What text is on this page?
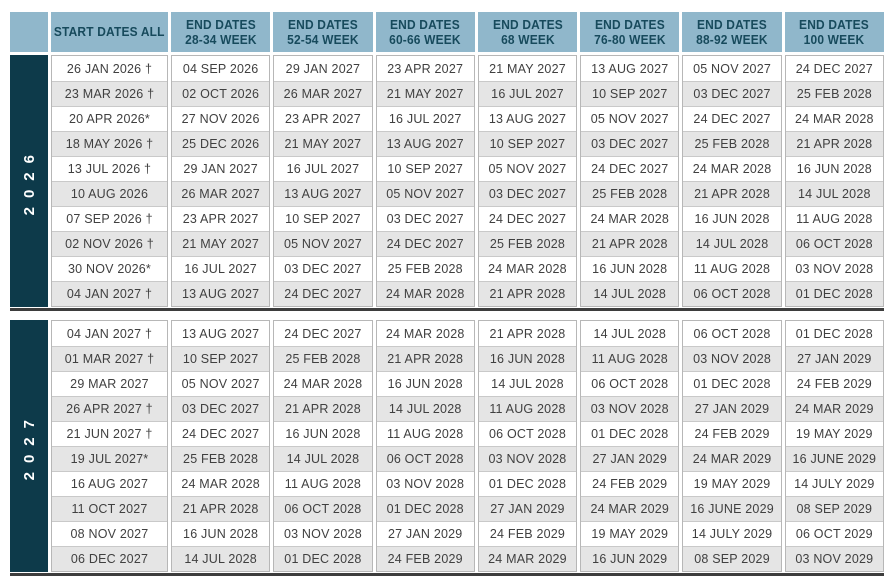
START DATES ALL
END DATES
28-34 WEEK
END DATES
52-54 WEEK
END DATES
60-66 WEEK
END DATES
68 WEEK
END DATES
76-80 WEEK
END DATES
88-92 WEEK
END DATES
100 WEEK
2026
26 JAN 2026 †
23 MAR 2026 †
20 APR 2026*
18 MAY 2026 †
13 JUL 2026 †
10 AUG 2026
07 SEP 2026 †
02 NOV 2026 †
30 NOV 2026*
04 JAN 2027 †
04 SEP 2026
02 OCT 2026
27 NOV 2026
25 DEC 2026
29 JAN 2027
26 MAR 2027
23 APR 2027
21 MAY 2027
16 JUL 2027
13 AUG 2027
29 JAN 2027
26 MAR 2027
23 APR 2027
21 MAY 2027
16 JUL 2027
13 AUG 2027
10 SEP 2027
05 NOV 2027
03 DEC 2027
24 DEC 2027
23 APR 2027
21 MAY 2027
16 JUL 2027
13 AUG 2027
10 SEP 2027
05 NOV 2027
03 DEC 2027
24 DEC 2027
25 FEB 2028
24 MAR 2028
21 MAY 2027
16 JUL 2027
13 AUG 2027
10 SEP 2027
05 NOV 2027
03 DEC 2027
24 DEC 2027
25 FEB 2028
24 MAR 2028
21 APR 2028
13 AUG 2027
10 SEP 2027
05 NOV 2027
03 DEC 2027
24 DEC 2027
25 FEB 2028
24 MAR 2028
21 APR 2028
16 JUN 2028
14 JUL 2028
05 NOV 2027
03 DEC 2027
24 DEC 2027
25 FEB 2028
24 MAR 2028
21 APR 2028
16 JUN 2028
14 JUL 2028
11 AUG 2028
06 OCT 2028
24 DEC 2027
25 FEB 2028
24 MAR 2028
21 APR 2028
16 JUN 2028
14 JUL 2028
11 AUG 2028
06 OCT 2028
03 NOV 2028
01 DEC 2028
2027
04 JAN 2027 †
01 MAR 2027 †
29 MAR 2027
26 APR 2027 †
21 JUN 2027 †
19 JUL 2027*
16 AUG 2027
11 OCT 2027
08 NOV 2027
06 DEC 2027
13 AUG 2027
10 SEP 2027
05 NOV 2027
03 DEC 2027
24 DEC 2027
25 FEB 2028
24 MAR 2028
21 APR 2028
16 JUN 2028
14 JUL 2028
24 DEC 2027
25 FEB 2028
24 MAR 2028
21 APR 2028
16 JUN 2028
14 JUL 2028
11 AUG 2028
06 OCT 2028
03 NOV 2028
01 DEC 2028
24 MAR 2028
21 APR 2028
16 JUN 2028
14 JUL 2028
11 AUG 2028
06 OCT 2028
03 NOV 2028
01 DEC 2028
27 JAN 2029
24 FEB 2029
21 APR 2028
16 JUN 2028
14 JUL 2028
11 AUG 2028
06 OCT 2028
03 NOV 2028
01 DEC 2028
27 JAN 2029
24 FEB 2029
24 MAR 2029
14 JUL 2028
11 AUG 2028
06 OCT 2028
03 NOV 2028
01 DEC 2028
27 JAN 2029
24 FEB 2029
24 MAR 2029
19 MAY 2029
16 JUN 2029
06 OCT 2028
03 NOV 2028
01 DEC 2028
27 JAN 2029
24 FEB 2029
24 MAR 2029
19 MAY 2029
16 JUNE 2029
14 JULY 2029
08 SEP 2029
01 DEC 2028
27 JAN 2029
24 FEB 2029
24 MAR 2029
19 MAY 2029
16 JUNE 2029
14 JULY 2029
08 SEP 2029
06 OCT 2029
03 NOV 2029
